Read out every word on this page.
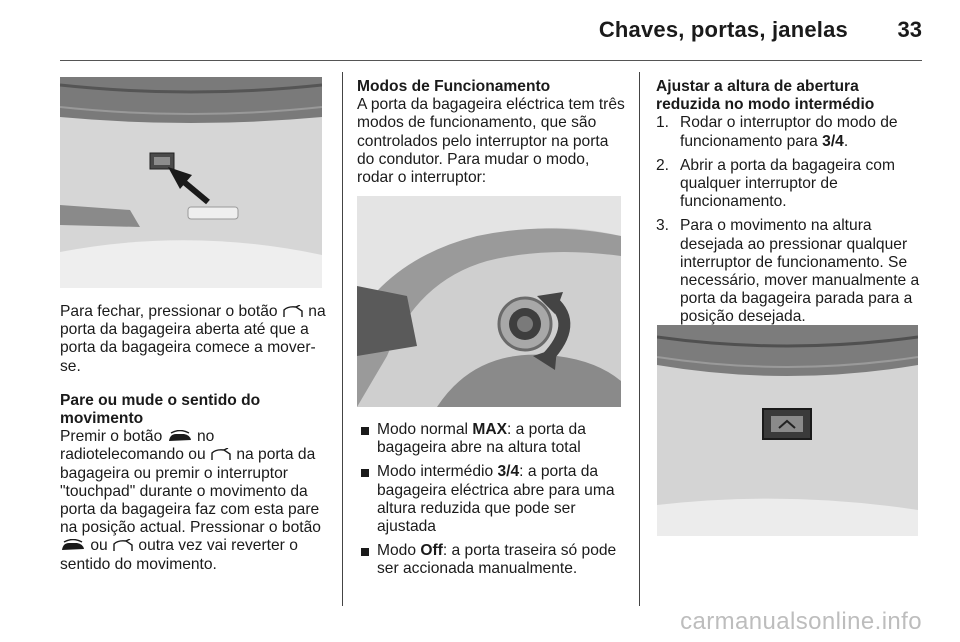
Chaves, portas, janelas 33

Para fechar, pressionar o botão na porta da bagageira aberta até que a porta da bagageira comece a mover-se.

Pare ou mude o sentido do movimento

Premir o botão no radiotelecomando ou na porta da bagageira ou premir o interruptor "touchpad" durante o movimento da porta da bagageira faz com esta pare na posição actual. Pressionar o botão  ou outra vez vai reverter o sentido do movimento.

Modos de Funcionamento

A porta da bagageira eléctrica tem três modos de funcionamento, que são controlados pelo interruptor na porta do condutor. Para mudar o modo, rodar o interruptor:

Modo normal MAX: a porta da bagageira abre na altura total
Modo intermédio 3/4: a porta da bagageira eléctrica abre para uma altura reduzida que pode ser ajustada
Modo Off: a porta traseira só pode ser accionada manualmente.

Ajustar a altura de abertura reduzida no modo intermédio

1. Rodar o interruptor do modo de funcionamento para 3/4.
2. Abrir a porta da bagageira com qualquer interruptor de funcionamento.
3. Para o movimento na altura desejada ao pressionar qualquer interruptor de funcionamento. Se necessário, mover manualmente a porta da bagageira parada para a posição desejada.
carmanualsonline.info
